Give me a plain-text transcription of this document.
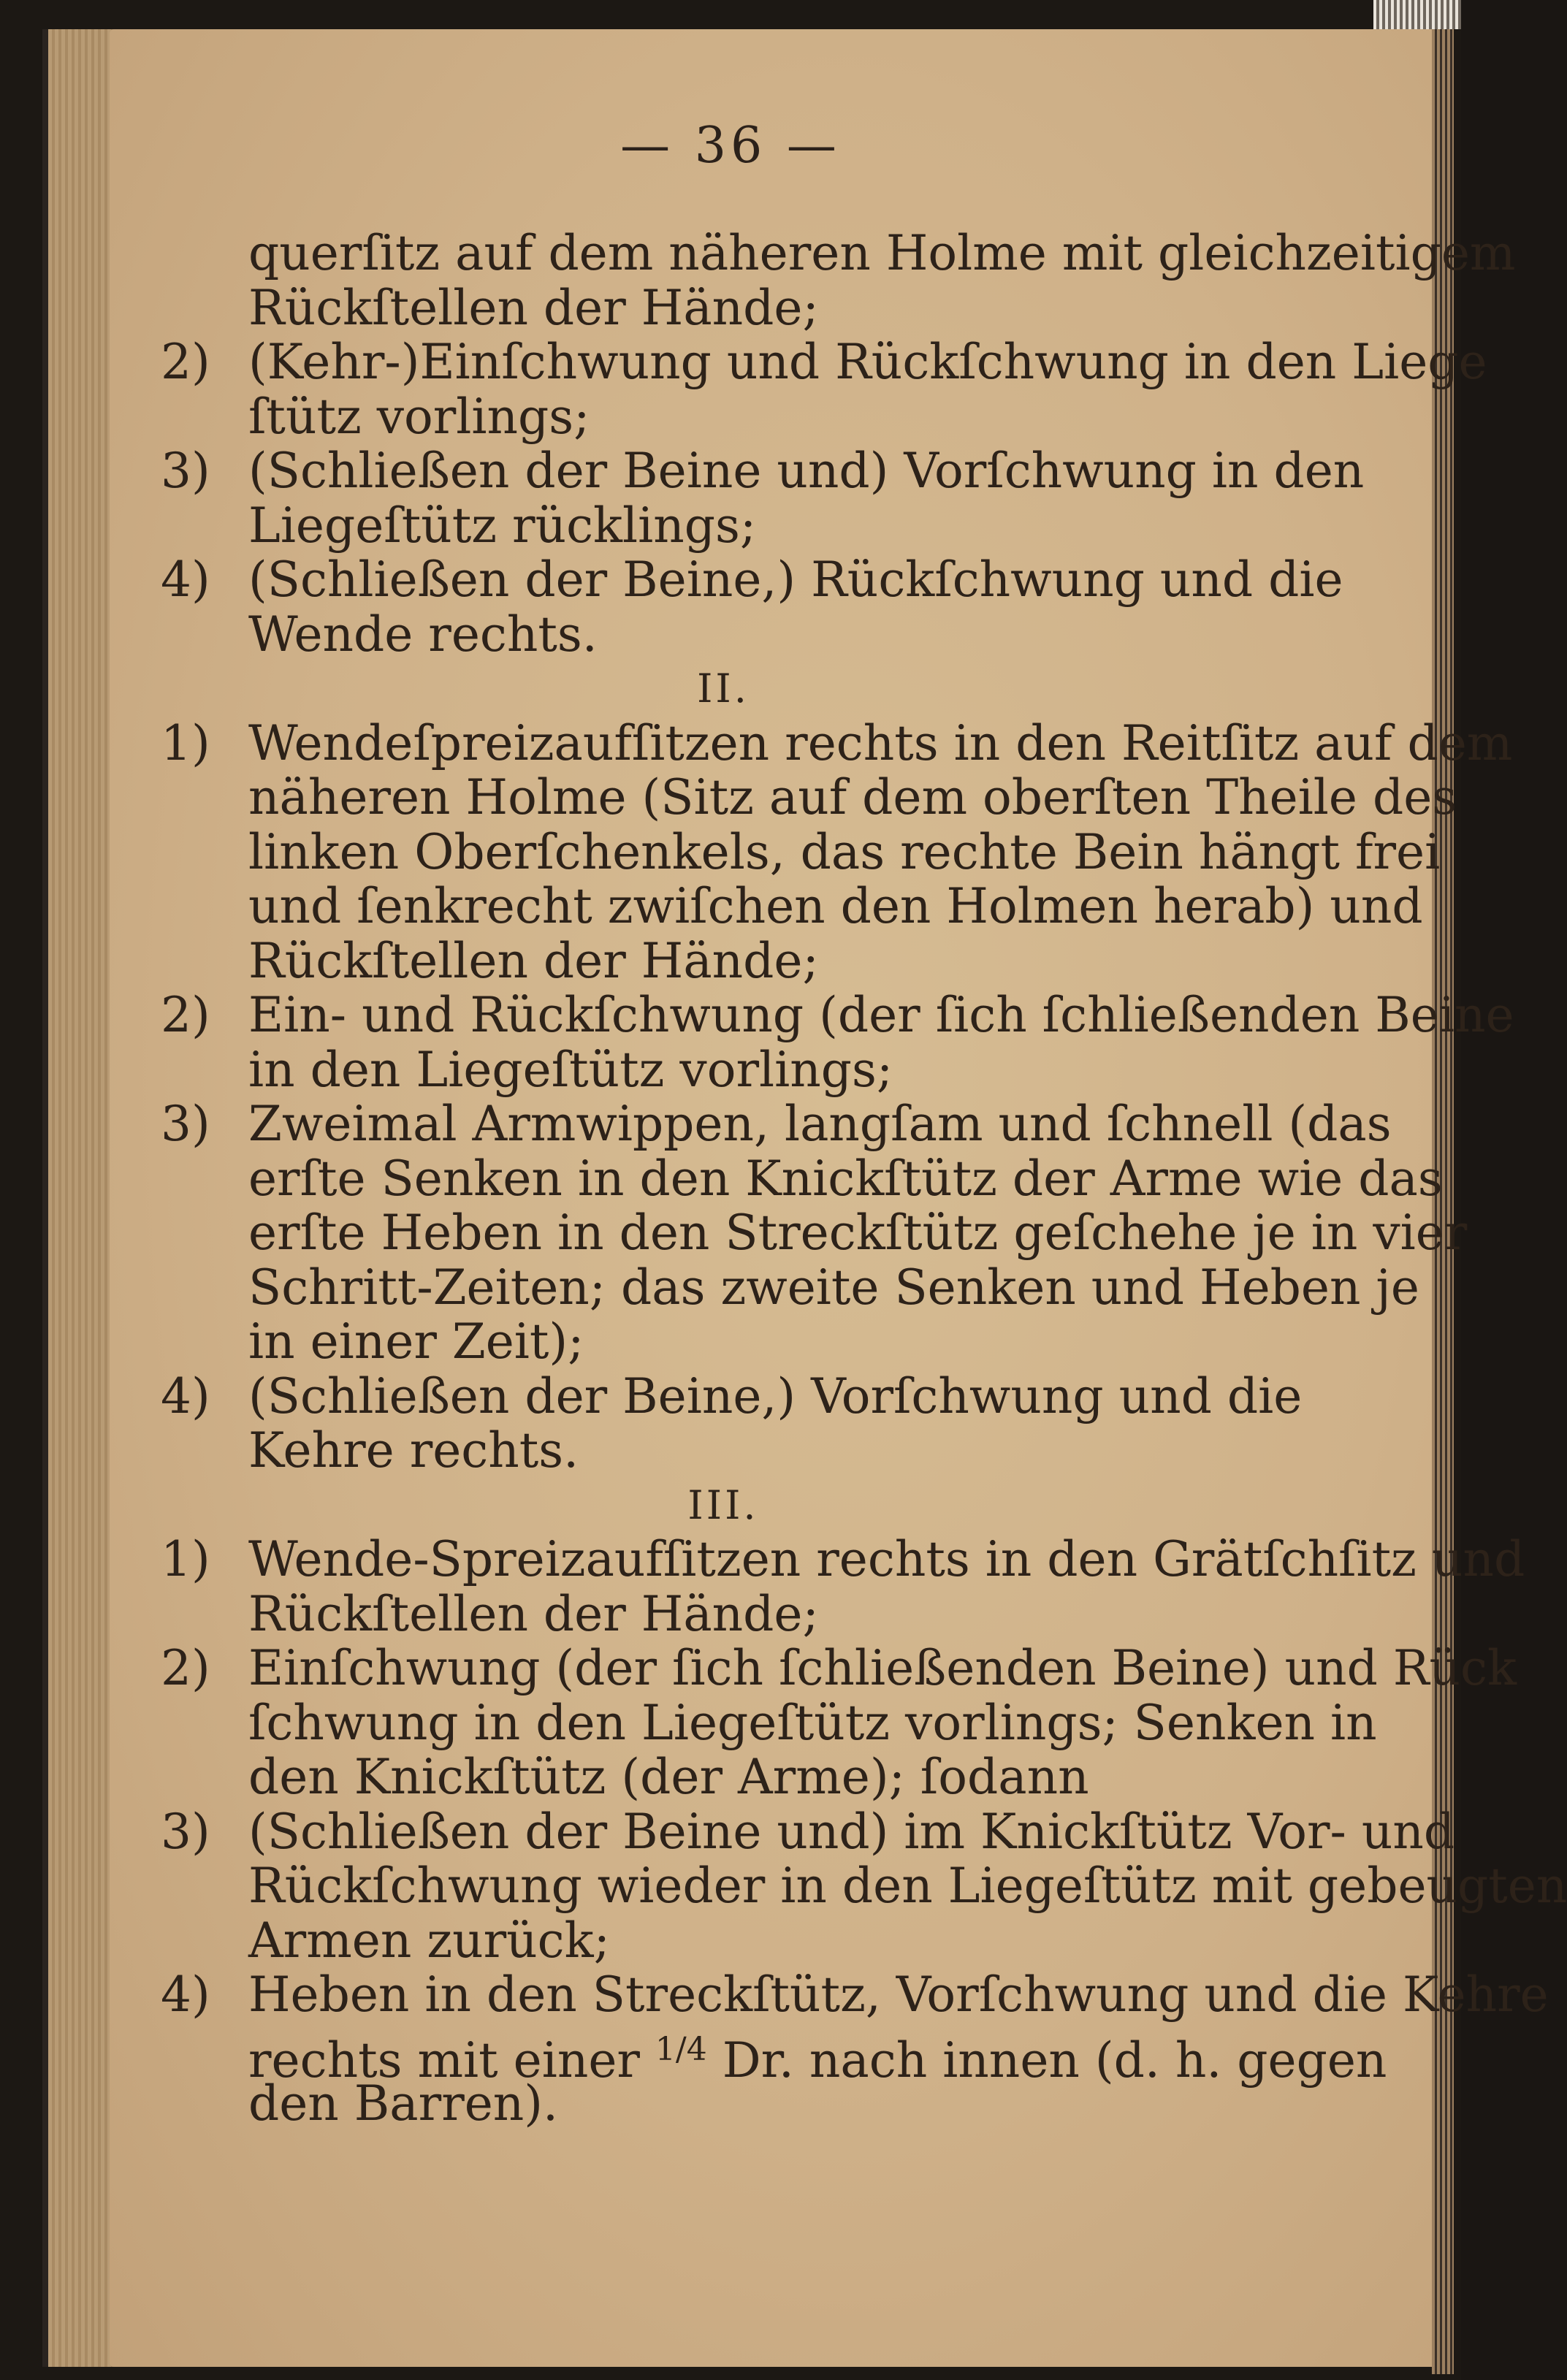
— 36 —
querſitz auf dem näheren Holme mit gleichzeitigem
Rückſtellen der Hände;
2) (Kehr-)Einſchwung und Rückſchwung in den Liege
ſtütz vorlings;
3) (Schließen der Beine und) Vorſchwung in den
Liegeſtütz rücklings;
4) (Schließen der Beine,) Rückſchwung und die
Wende rechts.
II.
1) Wendeſpreizaufſitzen rechts in den Reitſitz auf dem
näheren Holme (Sitz auf dem oberſten Theile des
linken Oberſchenkels, das rechte Bein hängt frei
und ſenkrecht zwiſchen den Holmen herab) und
Rückſtellen der Hände;
2) Ein- und Rückſchwung (der ſich ſchließenden Beine
in den Liegeſtütz vorlings;
3) Zweimal Armwippen, langſam und ſchnell (das
erſte Senken in den Knickſtütz der Arme wie das
erſte Heben in den Streckſtütz geſchehe je in vier
Schritt-Zeiten; das zweite Senken und Heben je
in einer Zeit);
4) (Schließen der Beine,) Vorſchwung und die
Kehre rechts.
III.
1) Wende-Spreizaufſitzen rechts in den Grätſchſitz und
Rückſtellen der Hände;
2) Einſchwung (der ſich ſchließenden Beine) und Rück
ſchwung in den Liegeſtütz vorlings; Senken in
den Knickſtütz (der Arme); ſodann
3) (Schließen der Beine und) im Knickſtütz Vor- und
Rückſchwung wieder in den Liegeſtütz mit gebeugten
Armen zurück;
4) Heben in den Streckſtütz, Vorſchwung und die Kehre
rechts mit einer $^{1/4}$ Dr. nach innen (d. h. gegen
den Barren).
